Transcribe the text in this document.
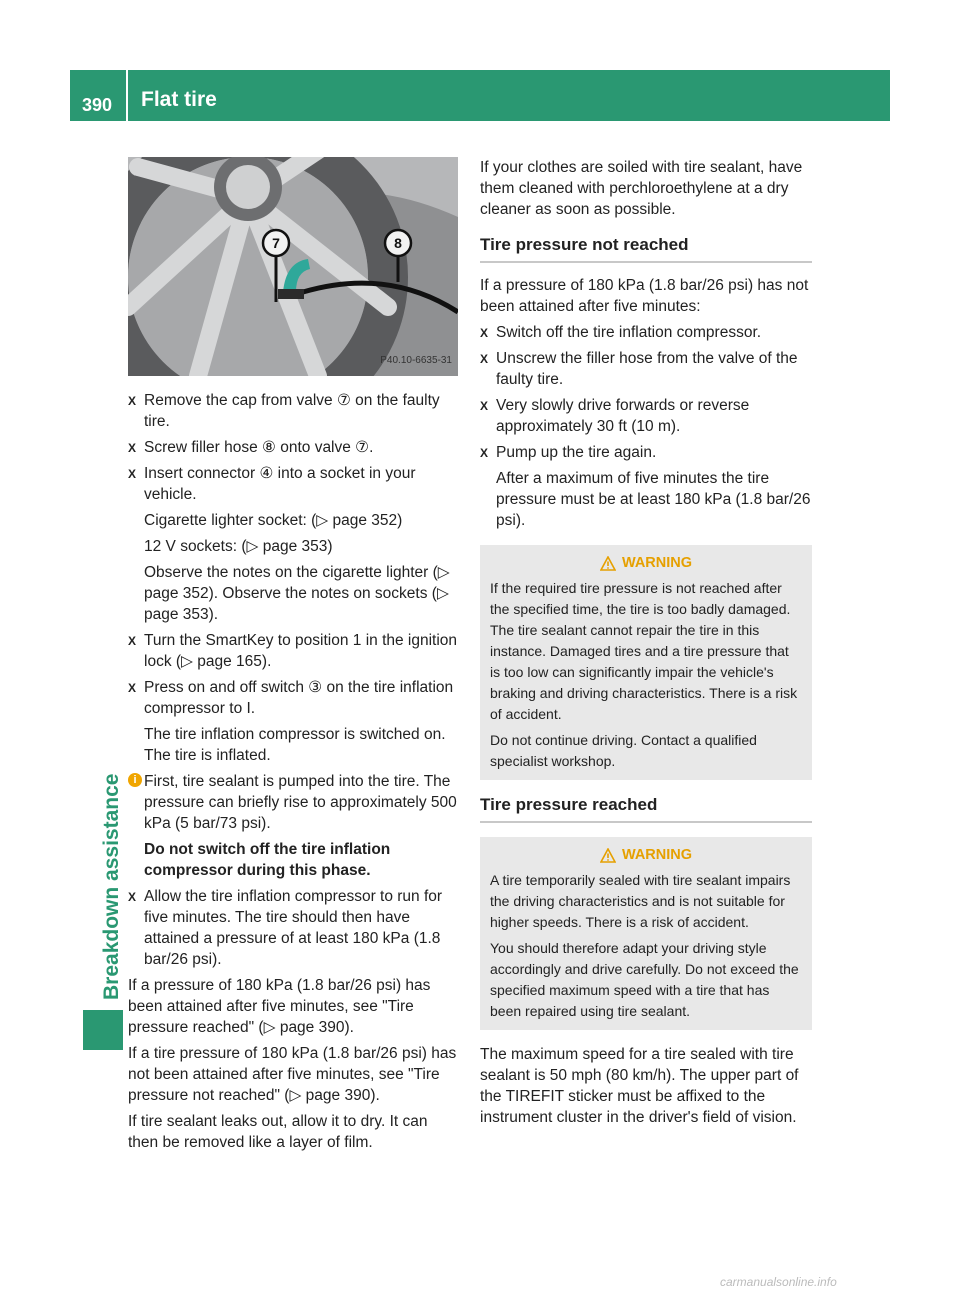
390 Flat tire
Breakdown assistance
7	8
P40.10-6635-31
X Remove the cap from valve ⑦ on the faulty tire.
X Screw filler hose ⑧ onto valve ⑦.
X Insert connector ④ into a socket in your vehicle.
Cigarette lighter socket: (▷ page 352)
12 V sockets: (▷ page 353)
Observe the notes on the cigarette lighter (▷ page 352). Observe the notes on sockets (▷ page 353).
X Turn the SmartKey to position 1 in the ignition lock (▷ page 165).
X Press on and off switch ③ on the tire inflation compressor to I.
The tire inflation compressor is switched on. The tire is inflated.
i First, tire sealant is pumped into the tire. The pressure can briefly rise to approximately 500 kPa (5 bar/73 psi).
Do not switch off the tire inflation compressor during this phase.
X Allow the tire inflation compressor to run for five minutes. The tire should then have attained a pressure of at least 180 kPa (1.8 bar/26 psi).
If a pressure of 180 kPa (1.8 bar/26 psi) has been attained after five minutes, see "Tire pressure reached" (▷ page 390).
If a tire pressure of 180 kPa (1.8 bar/26 psi) has not been attained after five minutes, see "Tire pressure not reached" (▷ page 390).
If tire sealant leaks out, allow it to dry. It can then be removed like a layer of film.
If your clothes are soiled with tire sealant, have them cleaned with perchloroethylene at a dry cleaner as soon as possible.
Tire pressure not reached
If a pressure of 180 kPa (1.8 bar/26 psi) has not been attained after five minutes:
X Switch off the tire inflation compressor.
X Unscrew the filler hose from the valve of the faulty tire.
X Very slowly drive forwards or reverse approximately 30 ft (10 m).
X Pump up the tire again.
After a maximum of five minutes the tire pressure must be at least 180 kPa (1.8 bar/26 psi).
WARNING

If the required tire pressure is not reached after the specified time, the tire is too badly damaged. The tire sealant cannot repair the tire in this instance. Damaged tires and a tire pressure that is too low can significantly impair the vehicle's braking and driving characteristics. There is a risk of accident.

Do not continue driving. Contact a qualified specialist workshop.

Tire pressure reached
WARNING

A tire temporarily sealed with tire sealant impairs the driving characteristics and is not suitable for higher speeds. There is a risk of accident.

You should therefore adapt your driving style accordingly and drive carefully. Do not exceed the specified maximum speed with a tire that has been repaired using tire sealant.

The maximum speed for a tire sealed with tire sealant is 50 mph (80 km/h). The upper part of the TIREFIT sticker must be affixed to the instrument cluster in the driver's field of vision.
carmanualsonline.info
